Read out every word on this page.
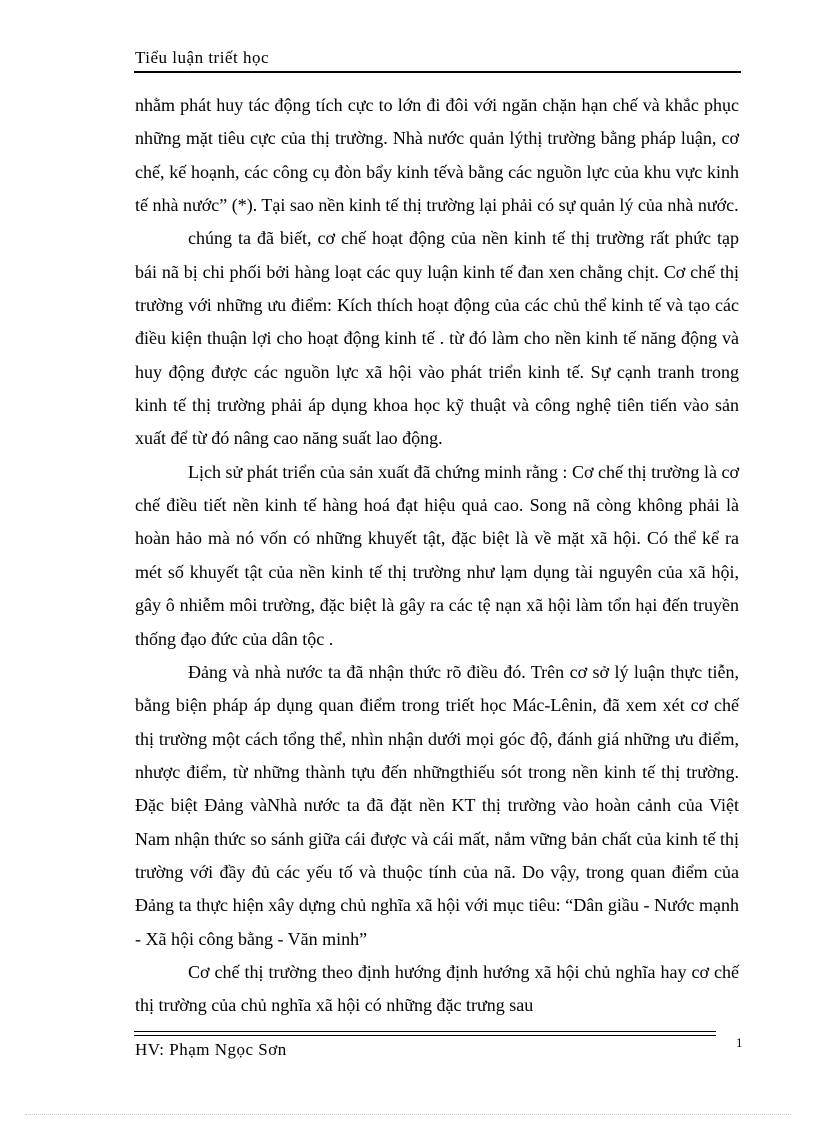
Tiểu luận triết học

nhằm phát huy tác động tích cực to lớn đi đôi với ngăn chặn hạn chế và khắc phục những mặt tiêu cực của thị trường. Nhà nước quản lýthị trường bằng pháp luận, cơ chế, kế hoạnh, các công cụ đòn bẩy kinh tếvà bằng các nguồn lực của khu vực kinh tế nhà nước” (*). Tại sao nền kinh tế thị trường lại phải có sự quản lý của nhà nước.

chúng ta đã biết, cơ chế hoạt động của nền kinh tế thị trường rất phức tạp bái nã bị chi phối bởi hàng loạt các quy luận kinh tế đan xen chằng chịt. Cơ chế thị trường với những ưu điểm: Kích thích hoạt động của các chủ thể kinh tế và tạo các điều kiện thuận lợi cho hoạt động kinh tế . từ đó làm cho nền kinh tế năng động và huy động được các nguồn lực xã hội vào phát triển kinh tế. Sự cạnh tranh trong kinh tế thị trường phải áp dụng khoa học kỹ thuật và công nghệ tiên tiến vào sản xuất để từ đó nâng cao năng suất lao động.

Lịch sử phát triển của sản xuất đã chứng minh rằng : Cơ chế thị trường là cơ chế điều tiết nền kinh tế hàng hoá đạt hiệu quả cao. Song nã còng không phải là hoàn hảo mà nó vốn có những khuyết tật, đặc biệt là về mặt xã hội. Có thể kể ra mét số khuyết tật của nền kinh tế thị trường như lạm dụng tài nguyên của xã hội, gây ô nhiễm môi trường, đặc biệt là gây ra các tệ nạn xã hội làm tổn hại đến truyền thống đạo đức của dân tộc .

Đảng và nhà nước ta đã nhận thức rõ điều đó. Trên cơ sở lý luận thực tiễn, bằng biện pháp áp dụng quan điểm trong triết học Mác-Lênin, đã xem xét cơ chế thị trường một cách tổng thể, nhìn nhận dưới mọi góc độ, đánh giá những ưu điểm, nhược điểm, từ những thành tựu đến nhữngthiếu sót trong nền kinh tế thị trường. Đặc biệt Đảng vàNhà nước ta đã đặt nền KT thị trường vào hoàn cảnh của Việt Nam nhận thức so sánh giữa cái được và cái mất, nắm vững bản chất của kinh tế thị trường với đầy đủ các yếu tố và thuộc tính của nã. Do vậy, trong quan điểm của Đảng ta thực hiện xây dựng chủ nghĩa xã hội với mục tiêu: “Dân giầu - Nước mạnh - Xã hội công bằng - Văn minh”

Cơ chế thị trường theo định hướng định hướng xã hội chủ nghĩa hay cơ chế thị trường của chủ nghĩa xã hội có những đặc trưng sau

HV: Phạm Ngọc Sơn	1
